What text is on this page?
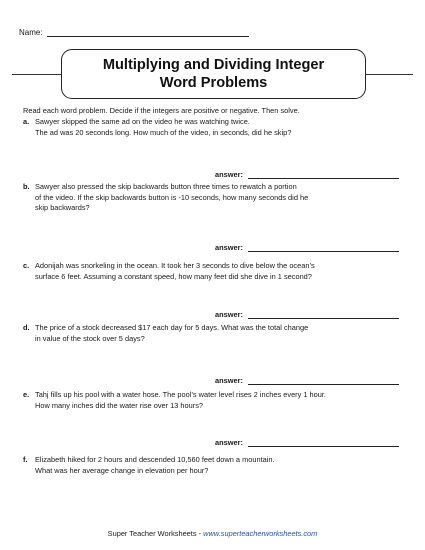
Name:
Multiplying and Dividing Integer
Word Problems
Read each word problem. Decide if the integers are positive or negative. Then solve.
a. Sawyer skipped the same ad on the video he was watching twice.
The ad was 20 seconds long. How much of the video, in seconds, did he skip?
answer:
b. Sawyer also pressed the skip backwards button three times to rewatch a portion
of the video. If the skip backwards button is -10 seconds, how many seconds did he
skip backwards?
answer:
c. Adonijah was snorkeling in the ocean. It took her 3 seconds to dive below the ocean’s
surface 6 feet. Assuming a constant speed, how many feet did she dive in 1 second?
answer:
d. The price of a stock decreased $17 each day for 5 days. What was the total change
in value of the stock over 5 days?
answer:
e. Tahj fills up his pool with a water hose. The pool’s water level rises 2 inches every 1 hour.
How many inches did the water rise over 13 hours?
answer:
f. Elizabeth hiked for 2 hours and descended 10,560 feet down a mountain.
What was her average change in elevation per hour?
Super Teacher Worksheets - www.superteacherworksheets.com
